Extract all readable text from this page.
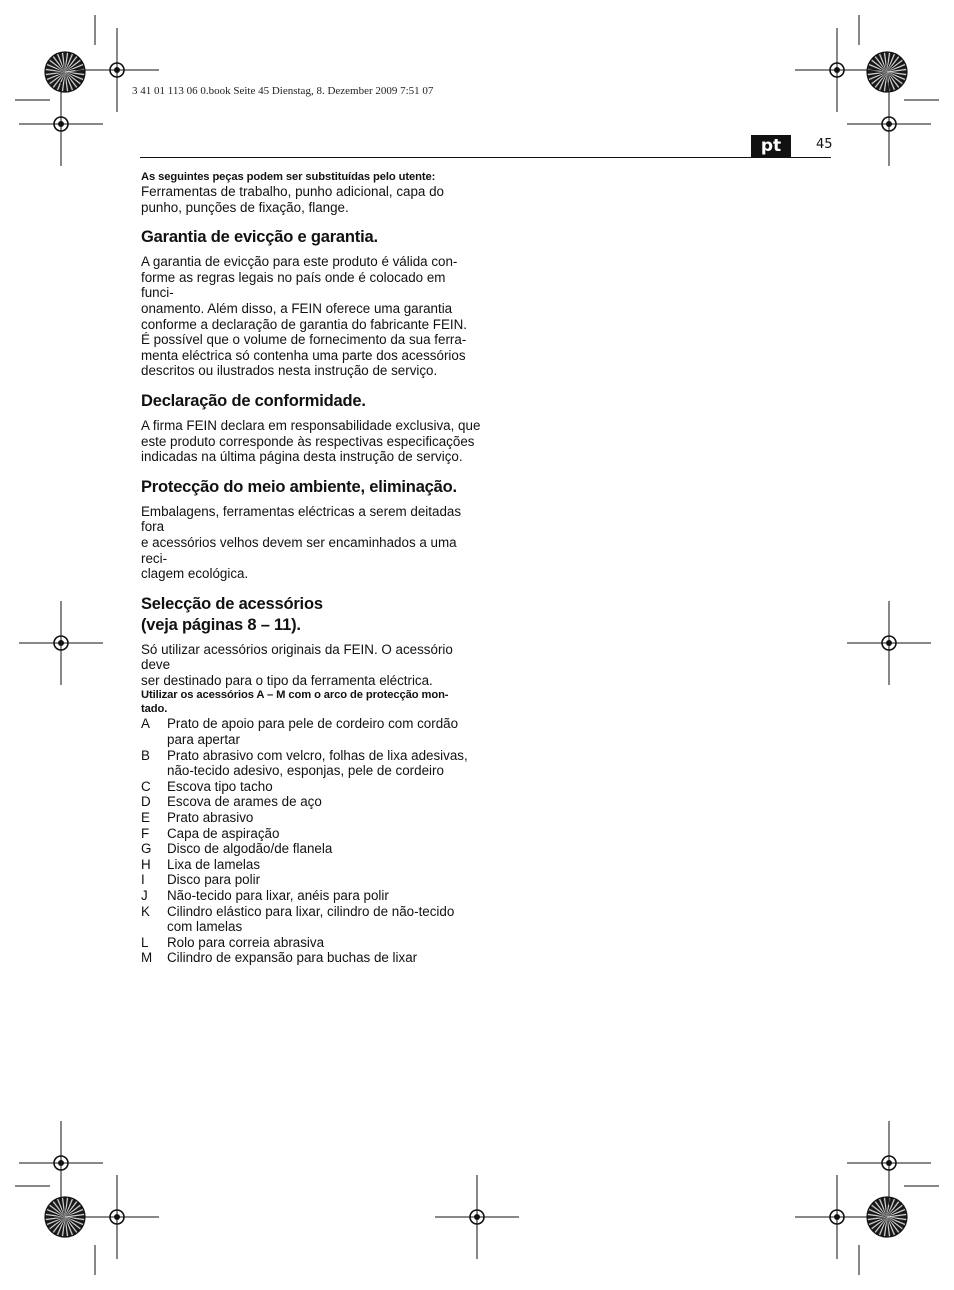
3 41 01 113 06 0.book Seite 45 Dienstag, 8. Dezember 2009 7:51 07
pt	45
As seguintes peças podem ser substituídas pelo utente:

Ferramentas de trabalho, punho adicional, capa do
punho, punções de fixação, flange.

Garantia de evicção e garantia.

A garantia de evicção para este produto é válida con-
forme as regras legais no país onde é colocado em funci-
onamento. Além disso, a FEIN oferece uma garantia
conforme a declaração de garantia do fabricante FEIN.
É possível que o volume de fornecimento da sua ferra-
menta eléctrica só contenha uma parte dos acessórios
descritos ou ilustrados nesta instrução de serviço.

Declaração de conformidade.

A firma FEIN declara em responsabilidade exclusiva, que
este produto corresponde às respectivas especificações
indicadas na última página desta instrução de serviço.

Protecção do meio ambiente, eliminação.

Embalagens, ferramentas eléctricas a serem deitadas fora
e acessórios velhos devem ser encaminhados a uma reci-
clagem ecológica.

Selecção de acessórios
(veja páginas 8 – 11).

Só utilizar acessórios originais da FEIN. O acessório deve
ser destinado para o tipo da ferramenta eléctrica.

Utilizar os acessórios A – M com o arco de protecção mon-
tado.
A	Prato de apoio para pele de cordeiro com cordão
para apertar
B	Prato abrasivo com velcro, folhas de lixa adesivas,
não-tecido adesivo, esponjas, pele de cordeiro
C	Escova tipo tacho
D	Escova de arames de aço
E	Prato abrasivo
F	Capa de aspiração
G	Disco de algodão/de flanela
H	Lixa de lamelas
I	Disco para polir
J	Não-tecido para lixar, anéis para polir
K	Cilindro elástico para lixar, cilindro de não-tecido
com lamelas
L	Rolo para correia abrasiva
M	Cilindro de expansão para buchas de lixar
